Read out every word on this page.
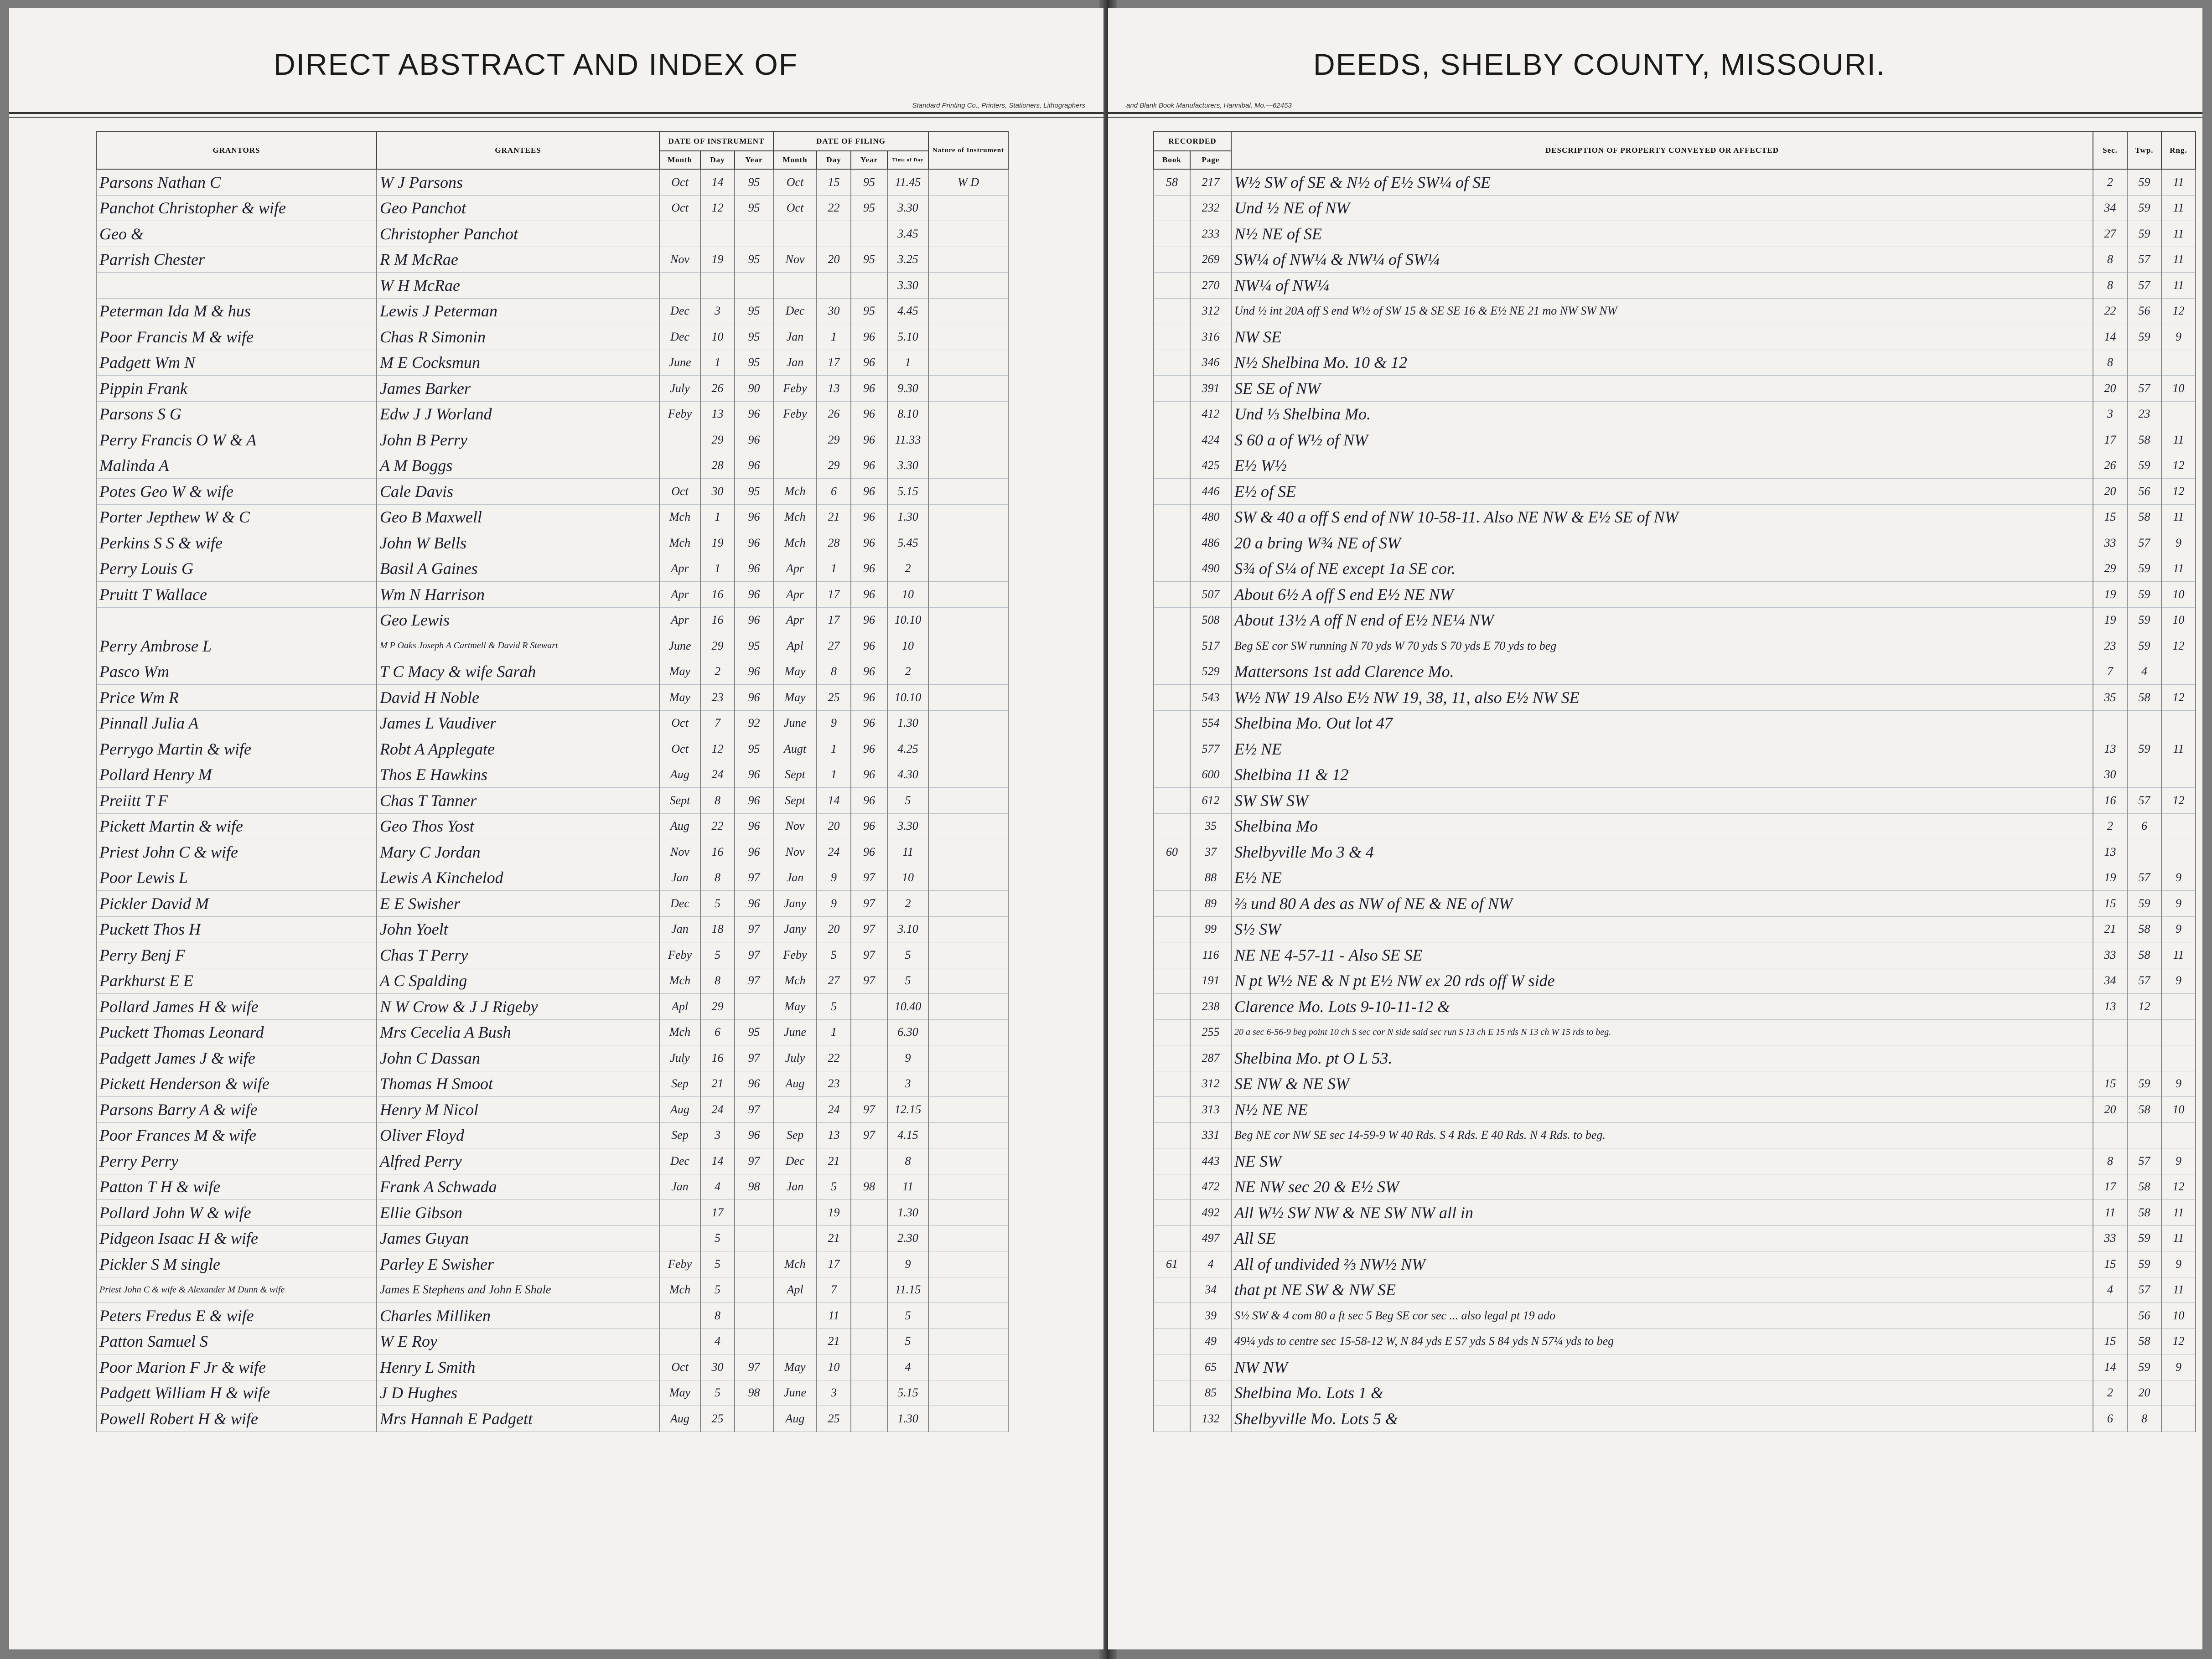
DIRECT ABSTRACT AND INDEX OF
Standard Printing Co., Printers, Stationers, Lithographers
GRANTORS	GRANTEES	DATE OF INSTRUMENT			DATE OF FILING				Nature of Instrument	
		Month	Day	Year	Month	Day	Year	Time of Day		
Parsons Nathan C	W J Parsons	Oct	14	95	Oct	15	95	11.45	W D	
Panchot Christopher & wife	Geo Panchot	Oct	12	95	Oct	22	95	3.30		
Geo &	Christopher Panchot							3.45		
Parrish Chester	R M McRae	Nov	19	95	Nov	20	95	3.25		
	W H McRae							3.30		
Peterman Ida M & hus	Lewis J Peterman	Dec	3	95	Dec	30	95	4.45		
Poor Francis M & wife	Chas R Simonin	Dec	10	95	Jan	1	96	5.10		
Padgett Wm N	M E Cocksmun	June	1	95	Jan	17	96	1		
Pippin Frank	James Barker	July	26	90	Feby	13	96	9.30		
Parsons S G	Edw J J Worland	Feby	13	96	Feby	26	96	8.10		
Perry Francis O W & A	John B Perry		29	96		29	96	11.33		
Malinda A	A M Boggs		28	96		29	96	3.30		
Potes Geo W & wife	Cale Davis	Oct	30	95	Mch	6	96	5.15		
Porter Jepthew W & C	Geo B Maxwell	Mch	1	96	Mch	21	96	1.30		
Perkins S S & wife	John W Bells	Mch	19	96	Mch	28	96	5.45		
Perry Louis G	Basil A Gaines	Apr	1	96	Apr	1	96	2		
Pruitt T Wallace	Wm N Harrison	Apr	16	96	Apr	17	96	10		
	Geo Lewis	Apr	16	96	Apr	17	96	10.10		
Perry Ambrose L	M P Oaks Joseph A Cartmell & David R Stewart	June	29	95	Apl	27	96	10		
Pasco Wm	T C Macy & wife Sarah	May	2	96	May	8	96	2		
Price Wm R	David H Noble	May	23	96	May	25	96	10.10		
Pinnall Julia A	James L Vaudiver	Oct	7	92	June	9	96	1.30		
Perrygo Martin & wife	Robt A Applegate	Oct	12	95	Augt	1	96	4.25		
Pollard Henry M	Thos E Hawkins	Aug	24	96	Sept	1	96	4.30		
Preiitt T F	Chas T Tanner	Sept	8	96	Sept	14	96	5		
Pickett Martin & wife	Geo Thos Yost	Aug	22	96	Nov	20	96	3.30		
Priest John C & wife	Mary C Jordan	Nov	16	96	Nov	24	96	11		
Poor Lewis L	Lewis A Kinchelod	Jan	8	97	Jan	9	97	10		
Pickler David M	E E Swisher	Dec	5	96	Jany	9	97	2		
Puckett Thos H	John Yoelt	Jan	18	97	Jany	20	97	3.10		
Perry Benj F	Chas T Perry	Feby	5	97	Feby	5	97	5		
Parkhurst E E	A C Spalding	Mch	8	97	Mch	27	97	5		
Pollard James H & wife	N W Crow & J J Rigeby	Apl	29		May	5		10.40		
Puckett Thomas Leonard	Mrs Cecelia A Bush	Mch	6	95	June	1		6.30		
Padgett James J & wife	John C Dassan	July	16	97	July	22		9		
Pickett Henderson & wife	Thomas H Smoot	Sep	21	96	Aug	23		3		
Parsons Barry A & wife	Henry M Nicol	Aug	24	97		24	97	12.15		
Poor Frances M & wife	Oliver Floyd	Sep	3	96	Sep	13	97	4.15		
Perry Perry	Alfred Perry	Dec	14	97	Dec	21		8		
Patton T H & wife	Frank A Schwada	Jan	4	98	Jan	5	98	11		
Pollard John W & wife	Ellie Gibson		17			19		1.30		
Pidgeon Isaac H & wife	James Guyan		5			21		2.30		
Pickler S M single	Parley E Swisher	Feby	5		Mch	17		9		
Priest John C & wife & Alexander M Dunn & wife	James E Stephens and John E Shale	Mch	5		Apl	7		11.15		
Peters Fredus E & wife	Charles Milliken		8			11		5		
Patton Samuel S	W E Roy		4			21		5		
Poor Marion F Jr & wife	Henry L Smith	Oct	30	97	May	10		4		
Padgett William H & wife	J D Hughes	May	5	98	June	3		5.15		
Powell Robert H & wife	Mrs Hannah E Padgett	Aug	25		Aug	25		1.30		
DEEDS, SHELBY COUNTY, MISSOURI.
and Blank Book Manufacturers, Hannibal, Mo.—62453
	RECORDED		DESCRIPTION OF PROPERTY CONVEYED OR AFFECTED	Sec.	Twp.	Rng.
	Book	Page				
	58	217	W½ SW of SE & N½ of E½ SW¼ of SE	2	59	11
		232	Und ½ NE of NW	34	59	11
		233	N½ NE of SE	27	59	11
		269	SW¼ of NW¼ & NW¼ of SW¼	8	57	11
		270	NW¼ of NW¼	8	57	11
		312	Und ½ int 20A off S end W½ of SW 15 & SE SE 16 & E½ NE 21 mo NW SW NW	22	56	12
		316	NW SE	14	59	9
		346	N½ Shelbina Mo. 10 & 12	8		
		391	SE SE of NW	20	57	10
		412	Und ⅓ Shelbina Mo.	3	23	
		424	S 60 a of W½ of NW	17	58	11
		425	E½ W½	26	59	12
		446	E½ of SE	20	56	12
		480	SW & 40 a off S end of NW 10-58-11. Also NE NW & E½ SE of NW	15	58	11
		486	20 a bring W¾ NE of SW	33	57	9
		490	S¾ of S¼ of NE except 1a SE cor.	29	59	11
		507	About 6½ A off S end E½ NE NW	19	59	10
		508	About 13½ A off N end of E½ NE¼ NW	19	59	10
		517	Beg SE cor SW running N 70 yds W 70 yds S 70 yds E 70 yds to beg	23	59	12
		529	Mattersons 1st add Clarence Mo.	7	4	
		543	W½ NW 19 Also E½ NW 19, 38, 11, also E½ NW SE	35	58	12
		554	Shelbina Mo. Out lot 47			
		577	E½ NE	13	59	11
		600	Shelbina 11 & 12	30		
		612	SW SW SW	16	57	12
		35	Shelbina Mo	2	6	
	60	37	Shelbyville Mo 3 & 4	13		
		88	E½ NE	19	57	9
		89	⅔ und 80 A des as NW of NE & NE of NW	15	59	9
		99	S½ SW	21	58	9
		116	NE NE 4-57-11 - Also SE SE	33	58	11
		191	N pt W½ NE & N pt E½ NW ex 20 rds off W side	34	57	9
		238	Clarence Mo. Lots 9-10-11-12 &	13	12	
		255	20 a sec 6-56-9 beg point 10 ch S sec cor N side said sec run S 13 ch E 15 rds N 13 ch W 15 rds to beg.			
		287	Shelbina Mo. pt O L 53.			
		312	SE NW & NE SW	15	59	9
		313	N½ NE NE	20	58	10
		331	Beg NE cor NW SE sec 14-59-9 W 40 Rds. S 4 Rds. E 40 Rds. N 4 Rds. to beg.			
		443	NE SW	8	57	9
		472	NE NW sec 20 & E½ SW	17	58	12
		492	All W½ SW NW & NE SW NW all in	11	58	11
		497	All SE	33	59	11
	61	4	All of undivided ⅔ NW½ NW	15	59	9
		34	that pt NE SW & NW SE	4	57	11
		39	S½ SW & 4 com 80 a ft sec 5 Beg SE cor sec ... also legal pt 19 ado		56	10
		49	49¼ yds to centre sec 15-58-12 W, N 84 yds E 57 yds S 84 yds N 57¼ yds to beg	15	58	12
		65	NW NW	14	59	9
		85	Shelbina Mo. Lots 1 &	2	20	
		132	Shelbyville Mo. Lots 5 &	6	8	
